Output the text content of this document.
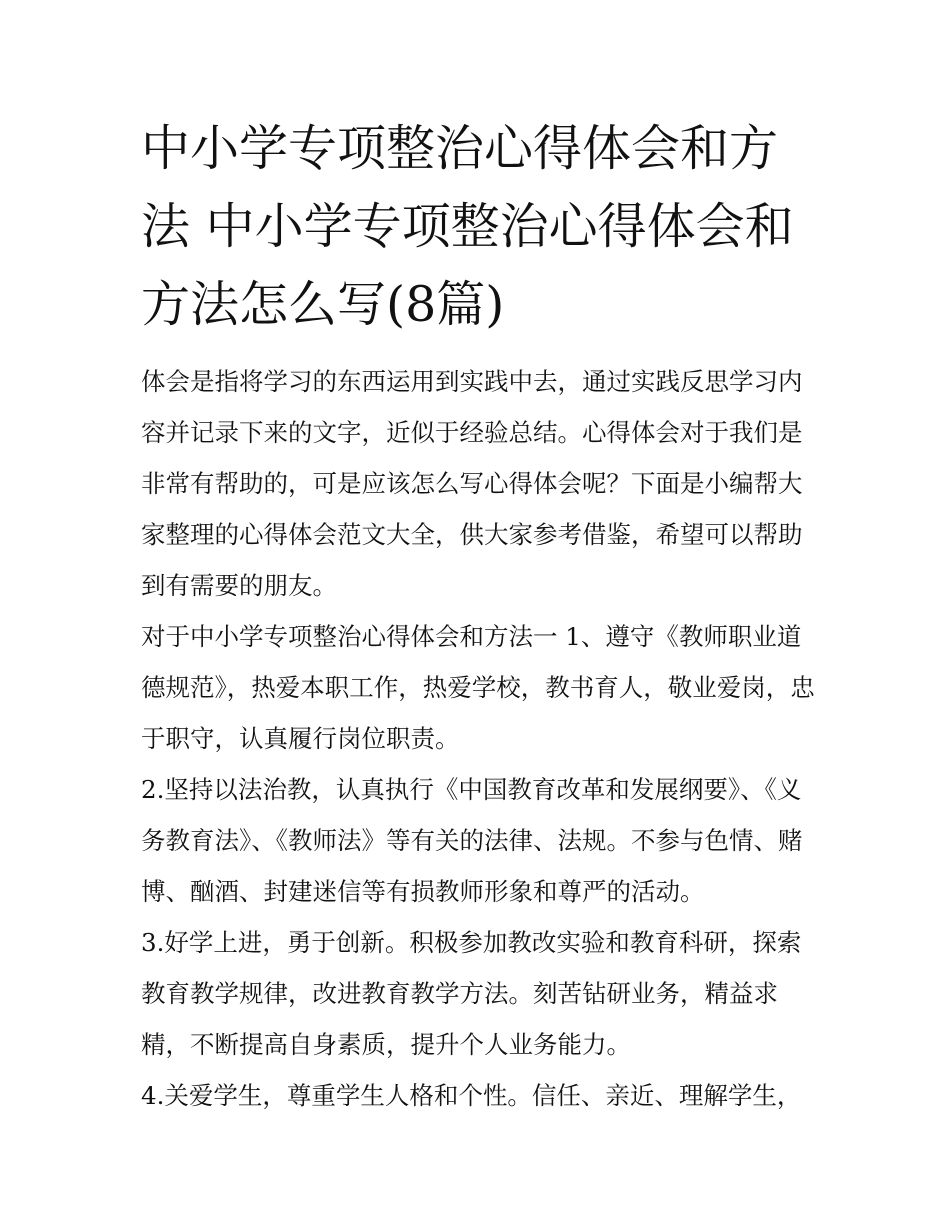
中小学专项整治心得体会和方法 中小学专项整治心得体会和方法怎么写(8篇)

体会是指将学习的东西运用到实践中去，通过实践反思学习内容并记录下来的文字，近似于经验总结。心得体会对于我们是非常有帮助的，可是应该怎么写心得体会呢？下面是小编帮大家整理的心得体会范文大全，供大家参考借鉴，希望可以帮助到有需要的朋友。

对于中小学专项整治心得体会和方法一 1、遵守《教师职业道德规范》，热爱本职工作，热爱学校，教书育人，敬业爱岗，忠于职守，认真履行岗位职责。

2.坚持以法治教，认真执行《中国教育改革和发展纲要》、《义务教育法》、《教师法》等有关的法律、法规。不参与色情、赌博、酗酒、封建迷信等有损教师形象和尊严的活动。

3.好学上进，勇于创新。积极参加教改实验和教育科研，探索教育教学规律，改进教育教学方法。刻苦钻研业务，精益求精，不断提高自身素质，提升个人业务能力。

4.关爱学生，尊重学生人格和个性。信任、亲近、理解学生，
